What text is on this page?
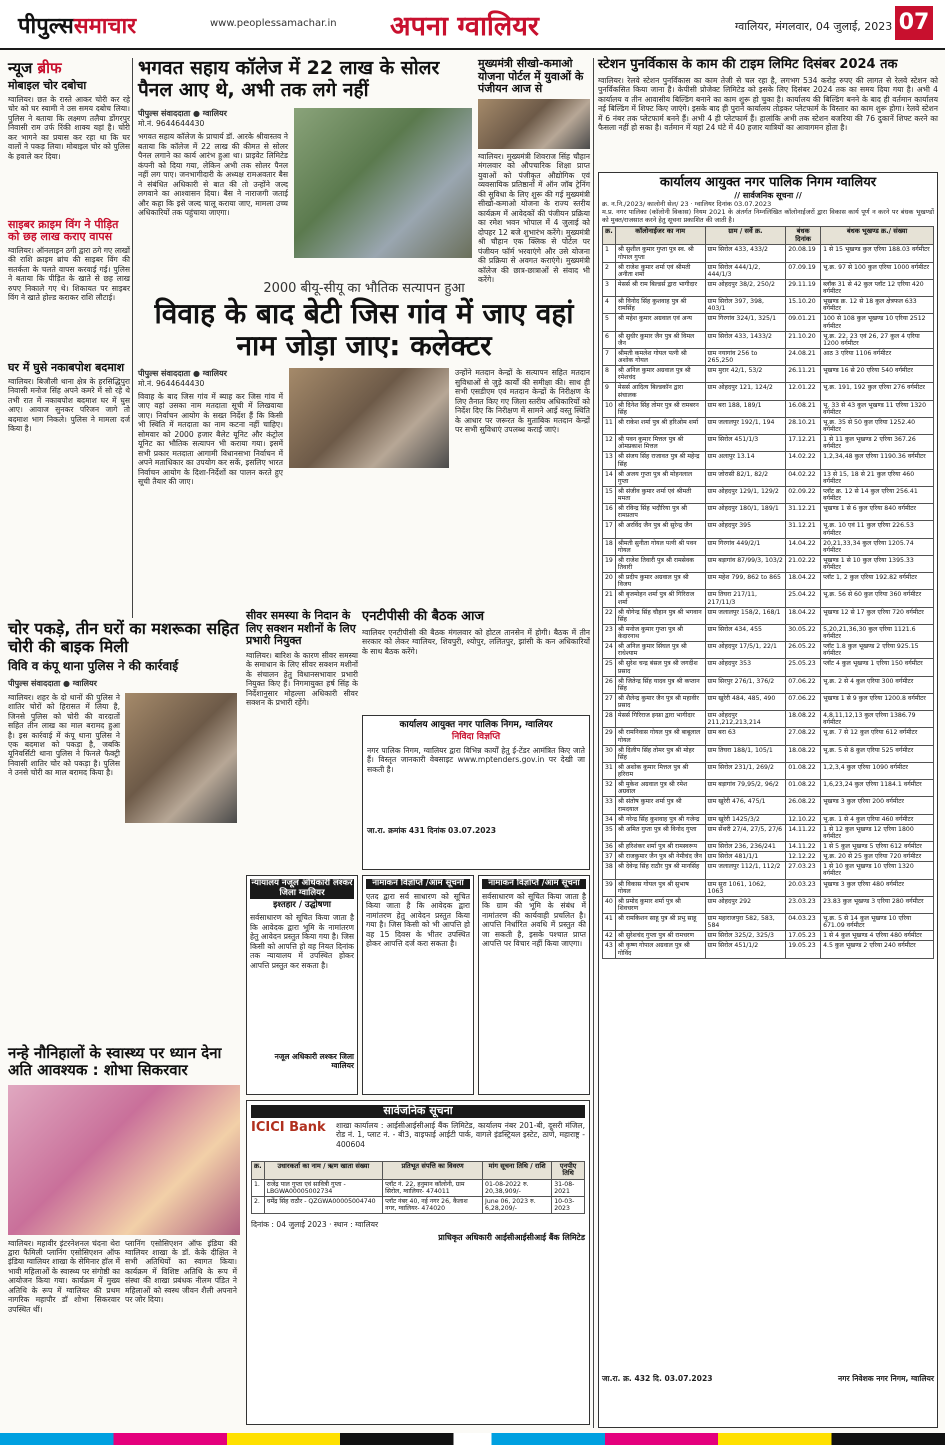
पीपुल्ससमाचार	www.peoplessamachar.in अपना ग्वालियर	ग्वालियर, मंगलवार, 04 जुलाई, 2023 07
न्यूज ब्रीफ
मोबाइल चोर दबोचा
ग्वालियर। छत के रास्ते आकर चोरी कर रहे चोर को घर स्वामी ने उस समय दबोच लिया। पुलिस ने बताया कि लक्ष्मण तलैया डोंगरपुर निवासी राम उर्फ रिंकी शाक्य यहां है। चोरी कर भागने का प्रयास कर रहा था कि घर वालों ने पकड़ लिया। मोबाइल चोर को पुलिस के हवाले कर दिया।
साइबर क्राइम विंग ने पीड़ित को छह लाख कराए वापस
ग्वालियर। ऑनलाइन ठगी द्वारा ठगे गए लाखों की राशि क्राइम ब्रांच की साइबर विंग की सतर्कता के चलते वापस करवाई गई। पुलिस ने बताया कि पीड़ित के खाते से छह लाख रुपए निकाले गए थे। शिकायत पर साइबर विंग ने खाते होल्ड कराकर राशि लौटाई।
घर में घुसे नकाबपोश बदमाश
ग्वालियर। बिजौली थाना क्षेत्र के हरसिद्धिपुरा निवासी मनोज सिंह अपने कमरे में सो रहे थे तभी रात में नकाबपोश बदमाश घर में घुस आए। आवाज सुनकर परिजन जागे तो बदमाश भाग निकले। पुलिस ने मामला दर्ज किया है।
भगवत सहाय कॉलेज में 22 लाख के सोलर पैनल आए थे, अभी तक लगे नहीं
पीपुल्स संवाददाता ● ग्वालियर
मो.नं. 9644644430
भगवत सहाय कॉलेज के प्राचार्य डॉ. आरके श्रीवास्तव ने बताया कि कॉलेज में 22 लाख की कीमत से सोलर पैनल लगाने का कार्य आरंभ हुआ था। प्राइवेट लिमिटेड कंपनी को दिया गया, लेकिन अभी तक सोलर पैनल नहीं लग पाए। जनभागीदारी के अध्यक्ष रामअवतार बैस ने संबंधित अधिकारी से बात की तो उन्होंने जल्द लगवाने का आश्वासन दिया। बैस ने नाराजगी जताई और कहा कि इसे जल्द चालू कराया जाए, मामला उच्च अधिकारियों तक पहुंचाया जाएगा।
मुख्यमंत्री सीखो-कमाओ योजना पोर्टल में युवाओं के पंजीयन आज से
ग्वालियर। मुख्यमंत्री शिवराज सिंह चौहान मंगलवार को औपचारिक शिक्षा प्राप्त युवाओं को पंजीकृत औद्योगिक एवं व्यवसायिक प्रतिष्ठानों में ऑन जॉब ट्रेनिंग की सुविधा के लिए शुरू की गई मुख्यमंत्री सीखो-कमाओ योजना के राज्य स्तरीय कार्यक्रम में आवेदकों की पंजीयन प्रक्रिया का रमेश भवन भोपाल में 4 जुलाई को दोपहर 12 बजे शुभारंभ करेंगे। मुख्यमंत्री श्री चौहान एक क्लिक से पोर्टल पर पंजीयन फॉर्म भरवाएंगे और उसे योजना की प्रक्रिया से अवगत कराएंगे। मुख्यमंत्री कॉलेज की छात्र-छात्राओं से संवाद भी करेंगे।
2000 बीयू-सीयू का भौतिक सत्यापन हुआ
विवाह के बाद बेटी जिस गांव में जाए वहां नाम जोड़ा जाए: कलेक्टर
पीपुल्स संवाददाता ● ग्वालियर
मो.नं. 9644644430
विवाह के बाद जिस गांव में ब्याह कर जिस गांव में जाए वहां उसका नाम मतदाता सूची में लिखवाया जाए। निर्वाचन आयोग के सख्त निर्देश हैं कि किसी भी स्थिति में मतदाता का नाम कटना नहीं चाहिए। सोमवार को 2000 हजार बैलेट यूनिट और कंट्रोल यूनिट का भौतिक सत्यापन भी कराया गया। इसमें सभी प्रकार मतदाता आगामी विधानसभा निर्वाचन में अपने मताधिकार का उपयोग कर सकें, इसलिए भारत निर्वाचन आयोग के दिशा-निर्देशों का पालन करते हुए सूची तैयार की जाए।
उन्होंने मतदान केन्द्रों के सत्यापन सहित मतदान सुविधाओं से जुड़े कार्यों की समीक्षा की। साथ ही सभी एसडीएम एवं मतदान केन्द्रों के निरीक्षण के लिए तैनात किए गए जिला स्तरीय अधिकारियों को निर्देश दिए कि निरीक्षण में सामने आई वस्तु स्थिति के आधार पर जरूरत के मुताबिक मतदान केन्द्रों पर सभी सुविधाएं उपलब्ध कराई जाएं।
चोर पकड़े, तीन घरों का मशरूका सहित चोरी की बाइक मिली
विवि व कंपू थाना पुलिस ने की कार्रवाई
पीपुल्स संवाददाता ● ग्वालियर
ग्वालियर। शहर के दो थानों की पुलिस ने शातिर चोरों को हिरासत में लिया है, जिनसे पुलिस को चोरी की वारदातों सहित तीन लाख का माल बरामद हुआ है। इस कार्रवाई में कंपू थाना पुलिस ने एक बदमाश को पकड़ा है, जबकि यूनिवर्सिटी थाना पुलिस ने फिनले फैक्ट्री निवासी शातिर चोर को पकड़ा है। पुलिस ने उनसे चोरी का माल बरामद किया है।
सीवर समस्या के निदान के लिए सक्शन मशीनों के लिए प्रभारी नियुक्त
ग्वालियर। बारिश के कारण सीवर समस्या के समाधान के लिए सीवर सक्शन मशीनों के संचालन हेतु विधानसभावार प्रभारी नियुक्त किए हैं। निगमायुक्त हर्ष सिंह के निर्देशानुसार मोहल्ला अधिकारी सीवर सक्शन के प्रभारी रहेंगे।
एनटीपीसी की बैठक आज
ग्वालियर एनटीपीसी की बैठक मंगलवार को होटल तानसेन में होगी। बैठक में तीन सरकार को लेकर ग्वालियर, शिवपुरी, श्योपुर, ललितपुर, झांसी के कन अधिकारियों के साथ बैठक करेंगे।
कार्यालय आयुक्त नगर पालिक निगम, ग्वालियर
निविदा विज्ञप्ति
नगर पालिक निगम, ग्वालियर द्वारा विभिन्न कार्यों हेतु ई-टेंडर आमंत्रित किए जाते हैं। विस्तृत जानकारी वेबसाइट www.mptenders.gov.in पर देखी जा सकती है।
जा.रा. क्रमांक 431 दिनांक 03.07.2023
न्यायालय नजूल अधिकारी लश्कर जिला ग्वालियर
इश्तहार / उद्घोषणा
सर्वसाधारण को सूचित किया जाता है कि आवेदक द्वारा भूमि के नामांतरण हेतु आवेदन प्रस्तुत किया गया है। जिस किसी को आपत्ति हो वह नियत दिनांक तक न्यायालय में उपस्थित होकर आपत्ति प्रस्तुत कर सकता है।
नजूल अधिकारी लश्कर जिला ग्वालियर
नामांकन विज्ञप्ति /आम सूचना
एतद द्वारा सर्व साधारण को सूचित किया जाता है कि आवेदक द्वारा नामांतरण हेतु आवेदन प्रस्तुत किया गया है। जिस किसी को भी आपत्ति हो वह 15 दिवस के भीतर उपस्थित होकर आपत्ति दर्ज करा सकता है।
नामांकन विज्ञप्ति /आम सूचना
सर्वसाधारण को सूचित किया जाता है कि ग्राम की भूमि के संबंध में नामांतरण की कार्यवाही प्रचलित है। आपत्ति निर्धारित अवधि में प्रस्तुत की जा सकती है, इसके पश्चात प्राप्त आपत्ति पर विचार नहीं किया जाएगा।
नन्हे नौनिहालों के स्वास्थ्य पर ध्यान देना अति आवश्यक : शोभा सिकरवार
ग्वालियर। महावीर इंटरनेशनल चंदना थेरा द्वारा फैमिली प्लानिंग एसोसिएशन ऑफ इंडिया ग्वालियर शाखा के सेमिनार हॉल में भावी महिलाओं के स्वास्थ्य पर संगोष्ठी का आयोजन किया गया। कार्यक्रम में मुख्य अतिथि के रूप में ग्वालियर की प्रथम नागरिक महापौर डॉ शोभा सिकरवार उपस्थित थीं।
प्लानिंग एसोसिएशन ऑफ इंडिया की ग्वालियर शाखा के डॉ. केके दीक्षित ने सभी अतिथियों का स्वागत किया। कार्यक्रम में विशिष्ट अतिथि के रूप में संस्था की शाखा प्रबंधक नीलम पंडित ने महिलाओं को स्वस्थ जीवन शैली अपनाने पर जोर दिया।
सार्वजनिक सूचना
ICICI Bank	शाखा कार्यालय : आईसीआईसीआई बैंक लिमिटेड, कार्यालय नंबर 201-बी, दूसरी मंजिल, रोड नं. 1, प्लाट नं. - बी3, वाइफाई आईटी पार्क, वागले इंडस्ट्रियल इस्टेट, ठाणे, महाराष्ट्र - 400604
क्र.	उधारकर्ता का नाम / ऋण खाता संख्या	प्रतिभूत संपत्ति का विवरण	मांग सूचना तिथि / राशि	एनपीए तिथि
1.	राजेंद्र पाल गुप्ता एवं सावित्री गुप्ता - LBGWA00005002734	प्लॉट नं. 22, हनुमान कॉलोनी, ग्राम सिरोल, ग्वालियर- 474011	01-08-2022 रु. 20,38,909/-	31-08-2021
2.	धर्मेंद्र सिंह राठौर - QZGWA00005004740	प्लॉट नंबर 40, नई नगर 26, कैलाश नगर, ग्वालियर- 474020	June 06, 2023 रु. 6,28,209/-	10-03-2023
दिनांक : 04 जुलाई 2023 · स्थान : ग्वालियर
प्राधिकृत अधिकारी आईसीआईसीआई बैंक लिमिटेड
स्टेशन पुनर्विकास के काम की टाइम लिमिट दिसंबर 2024 तक
ग्वालियर। रेलवे स्टेशन पुनर्विकास का काम तेजी से चल रहा है, लगभग 534 करोड़ रुपए की लागत से रेलवे स्टेशन को पुनर्विकसित किया जाना है। केपीसी प्रोजेक्ट लिमिटेड को इसके लिए दिसंबर 2024 तक का समय दिया गया है। अभी 4 कार्यालय व तीन आवासीय बिल्डिंग बनाने का काम शुरू हो चुका है। कार्यालय की बिल्डिंग बनने के बाद ही वर्तमान कार्यालय नई बिल्डिंग में शिफ्ट किए जाएंगे। इसके बाद ही पुराने कार्यालय तोड़कर प्लेटफार्म के विस्तार का काम शुरू होगा। रेलवे स्टेशन में 6 नंबर तक प्लेटफार्म बनने हैं। अभी 4 ही प्लेटफार्म हैं। हालांकि अभी तक स्टेशन बजरिया की 76 दुकानें शिफ्ट करने का फैसला नहीं हो सका है। वर्तमान में यहां 24 घंटे में 40 हजार यात्रियों का आवागमन होता है।
कार्यालय आयुक्त नगर पालिक निगम ग्वालियर
// सार्वजनिक सूचना //
क्र. न.नि./2023/ कालोनी सेल/ 23 · ग्वालियर दिनांक 03.07.2023
म.प्र. नगर पालिका (कॉलोनी विकास) नियम 2021 के अंतर्गत निम्नलिखित कॉलोनाईजरों द्वारा विकास कार्य पूर्ण न करने पर बंधक भूखण्डों को मुक्त/राजसात करने हेतु सूचना प्रकाशित की जाती है।
क्र.	कॉलोनाईजर का नाम	ग्राम / सर्वे क्र.	बंधक दिनांक	बंधक भूखण्ड क्र./ संख्या
1	श्री सुशील कुमार गुप्ता पुत्र स्व. श्री गोपाल गुप्ता	ग्राम सिरोल 433, 433/2	20.08.19	1 से 15 भूखण्ड कुल एरिया 188.03 वर्गमीटर
2	श्री राजेश कुमार शर्मा एवं श्रीमती अनीता शर्मा	ग्राम सिरोल 444/1/2, 444/1/3	07.09.19	भू.क्र. 97 से 100 कुल एरिया 1000 वर्गमीटर
3	मेसर्स श्री राम बिल्डर्स द्वारा भागीदार	ग्राम ओहदपुर 38/2, 250/2	29.11.19	ब्लॉक 31 से 42 कुल प्लॉट 12 एरिया 420 वर्गमीटर
4	श्री विनोद सिंह कुशवाह पुत्र श्री रामसिंह	ग्राम सिरोल 397, 398, 403/1	15.10.20	भूखण्ड क्र. 12 से 18 कुल क्षेत्रफल 633 वर्गमीटर
5	श्री महेश कुमार अग्रवाल एवं अन्य	ग्राम गिरगांव 324/1, 325/1	09.01.21	100 से 108 कुल भूखण्ड 10 एरिया 2512 वर्गमीटर
6	श्री सुधीर कुमार जैन पुत्र श्री विमल जैन	ग्राम सिरोल 433, 1433/2	21.10.20	भू.क्र. 22, 23 एवं 26, 27 कुल 4 एरिया 1200 वर्गमीटर
7	श्रीमती कमलेश गोयल पत्नी श्री अशोक गोयल	ग्राम नयागांव 256 to 265,250	24.08.21	आठ 3 एरिया 1106 वर्गमीटर
8	श्री अनिल कुमार अग्रवाल पुत्र श्री रमेशचंद	ग्राम मुरार 42/1, 53/2	26.11.21	भूखण्ड 16 से 20 एरिया 540 वर्गमीटर
9	मेसर्स आदित्य बिल्डकॉन द्वारा संचालक	ग्राम ओहदपुर 121, 124/2	12.01.22	भू.क्र. 191, 192 कुल एरिया 276 वर्गमीटर
10	श्री दिनेश सिंह तोमर पुत्र श्री रामबरन सिंह	ग्राम बरा 188, 189/1	16.08.21	भू. 33 से 43 कुल भूखण्ड 11 एरिया 1320 वर्गमीटर
11	श्री राकेश शर्मा पुत्र श्री हरिओम शर्मा	ग्राम जलालपुर 192/1, 194	28.10.21	भू.क्र. 35 से 50 कुल एरिया 1252.40 वर्गमीटर
12	श्री पवन कुमार मित्तल पुत्र श्री ओमप्रकाश मित्तल	ग्राम सिरोल 451/1/3	17.12.21	1 से 11 कुल भूखण्ड 2 एरिया 367.26 वर्गमीटर
13	श्री संजय सिंह राजावत पुत्र श्री महेन्द्र सिंह	ग्राम अलापुर 13.14	14.02.22	1,2,34,48 कुल एरिया 1190.36 वर्गमीटर
14	श्री अजय गुप्ता पुत्र श्री मोहनलाल गुप्ता	ग्राम जोरासी 82/1, 82/2	04.02.22	13 से 15, 18 से 21 कुल एरिया 460 वर्गमीटर
15	श्री संजीव कुमार शर्मा एवं श्रीमती ममता	ग्राम ओहदपुर 129/1, 129/2	02.09.22	प्लॉट क्र. 12 से 14 कुल एरिया 256.41 वर्गमीटर
16	श्री रविन्द्र सिंह भदौरिया पुत्र श्री रामप्रताप	ग्राम ओहदपुर 180/1, 189/1	31.12.21	भूखण्ड 1 से 6 कुल एरिया 840 वर्गमीटर
17	श्री अरविंद जैन पुत्र श्री सुरेन्द्र जैन	ग्राम ओहदपुर 395	31.12.21	भू.क्र. 10 एवं 11 कुल एरिया 226.53 वर्गमीटर
18	श्रीमती सुनीता गोयल पत्नी श्री पवन गोयल	ग्राम गिरगांव 449/2/1	14.04.22	20,21,33,34 कुल एरिया 1205.74 वर्गमीटर
19	श्री राजेश तिवारी पुत्र श्री रामसेवक तिवारी	ग्राम बड़ागांव 87/99/3, 103/2	21.02.22	भूखण्ड 1 से 10 कुल एरिया 1395.33 वर्गमीटर
20	श्री प्रदीप कुमार अग्रवाल पुत्र श्री विजय	ग्राम महेश 799, 862 to 865	18.04.22	प्लॉट 1, 2 कुल एरिया 192.82 वर्गमीटर
21	श्री बृजमोहन शर्मा पुत्र श्री गिरिराज शर्मा	ग्राम तिघरा 217/11, 217/11/3	25.04.22	भू.क्र. 56 से 60 कुल एरिया 360 वर्गमीटर
22	श्री योगेन्द्र सिंह चौहान पुत्र श्री भगवान सिंह	ग्राम जलालपुर 158/2, 168/1	18.04.22	भूखण्ड 12 से 17 कुल एरिया 720 वर्गमीटर
23	श्री मनोज कुमार गुप्ता पुत्र श्री केदारनाथ	ग्राम सिरोल 434, 455	30.05.22	5,20,21,36,30 कुल एरिया 1121.6 वर्गमीटर
24	श्री अनिल कुमार सिंघल पुत्र श्री राधेश्याम	ग्राम ओहदपुर 17/5/1, 22/1	26.05.22	प्लॉट 1.8 कुल भूखण्ड 2 एरिया 925.15 वर्गमीटर
25	श्री सुरेश चन्द्र बंसल पुत्र श्री जगदीश प्रसाद	ग्राम ओहदपुर 353	25.05.23	प्लॉट 4 कुल भूखण्ड 1 एरिया 150 वर्गमीटर
26	श्री जितेन्द्र सिंह यादव पुत्र श्री कप्तान सिंह	ग्राम सिरपुर 276/1, 376/2	07.06.22	भू.क्र. 2 से 4 कुल एरिया 300 वर्गमीटर
27	श्री शैलेन्द्र कुमार जैन पुत्र श्री महावीर प्रसाद	ग्राम खुरेरी 484, 485, 490	07.06.22	भूखण्ड 1 से 9 कुल एरिया 1200.8 वर्गमीटर
28	मेसर्स गिरिराज इन्फ्रा द्वारा भागीदार	ग्राम ओहदपुर 211,212,213,214	18.08.22	4,8,11,12,13 कुल एरिया 1386.79 वर्गमीटर
29	श्री रामनिवास गोयल पुत्र श्री बाबूलाल गोयल	ग्राम बरा 63	27.08.22	भू.क्र. 7 से 12 कुल एरिया 612 वर्गमीटर
30	श्री दिलीप सिंह तोमर पुत्र श्री मोहर सिंह	ग्राम तिघरा 188/1, 105/1	18.08.22	भू.क्र. 5 से 8 कुल एरिया 525 वर्गमीटर
31	श्री अशोक कुमार मित्तल पुत्र श्री हरिराम	ग्राम सिरोल 231/1, 269/2	01.08.22	1,2,3,4 कुल एरिया 1090 वर्गमीटर
32	श्री मुकेश अग्रवाल पुत्र श्री रमेश अग्रवाल	ग्राम बड़ागांव 79,95/2, 96/2	01.08.22	1,6,23,24 कुल एरिया 1184.1 वर्गमीटर
33	श्री संतोष कुमार शर्मा पुत्र श्री रामदयाल	ग्राम खुरेरी 476, 475/1	26.08.22	भूखण्ड 3 कुल एरिया 200 वर्गमीटर
34	श्री नरेन्द्र सिंह कुशवाह पुत्र श्री गजेन्द्र	ग्राम खुरेरी 1425/3/2	12.10.22	भू.क्र. 1 से 4 कुल एरिया 460 वर्गमीटर
35	श्री अमित गुप्ता पुत्र श्री विनोद गुप्ता	ग्राम सेंथरी 27/4, 27/5, 27/6	14.11.22	1 से 12 कुल भूखण्ड 12 एरिया 1800 वर्गमीटर
36	श्री हरिशंकर शर्मा पुत्र श्री रामस्वरूप	ग्राम सिरोल 236, 236/241	14.11.22	1 से 5 कुल भूखण्ड 5 एरिया 612 वर्गमीटर
37	श्री राजकुमार जैन पुत्र श्री नेमीचंद जैन	ग्राम सिरोल 481/1/1	12.12.22	भू.क्र. 20 से 25 कुल एरिया 720 वर्गमीटर
38	श्री देवेन्द्र सिंह राठौर पुत्र श्री मानसिंह	ग्राम जलालपुर 112/1, 112/2	27.03.23	1 से 10 कुल भूखण्ड 10 एरिया 1320 वर्गमीटर
39	श्री विकास गोयल पुत्र श्री सुभाष गोयल	ग्राम सुरा 1061, 1062, 1063	20.03.23	भूखण्ड 3 कुल एरिया 480 वर्गमीटर
40	श्री प्रमोद कुमार शर्मा पुत्र श्री शिवचरण	ग्राम ओहदपुर 292	23.03.23	23.83 कुल भूखण्ड 3 एरिया 280 वर्गमीटर
41	श्री रामकिशन साहू पुत्र श्री प्रभु साहू	ग्राम महाराजपुरा 582, 583, 584	04.03.23	भू.क्र. 5 से 14 कुल भूखण्ड 10 एरिया 671.09 वर्गमीटर
42	श्री सुरेशचंद गुप्ता पुत्र श्री रामचरण	ग्राम सिरोल 325/2, 325/3	17.05.23	1 से 4 कुल भूखण्ड 4 एरिया 480 वर्गमीटर
43	श्री कृष्ण गोपाल अग्रवाल पुत्र श्री गोविंद	ग्राम सिरोल 451/1/2	19.05.23	4.5 कुल भूखण्ड 2 एरिया 240 वर्गमीटर
जा.रा. क्र. 432 दि. 03.07.2023	नगर निवेशक नगर निगम, ग्वालियर
